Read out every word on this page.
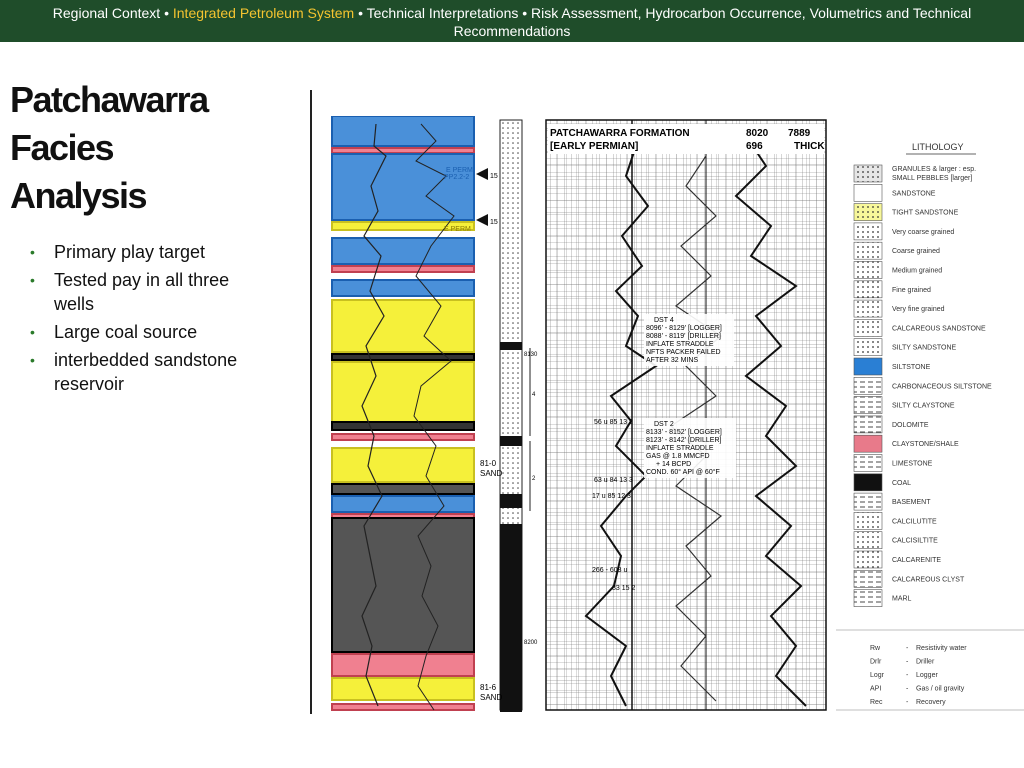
Regional Context • Integrated Petroleum System • Technical Interpretations • Risk Assessment, Hydrocarbon Occurrence, Volumetrics and Technical Recommendations
Patchawarra
Facies
Analysis
• Primary play target
• Tested pay in all three wells
• Large coal source
• interbedded sandstone reservoir
15
15
E PERM
PP2.2-2
E PERM
8130
8200
4
2
81-0
SAND
81-6
SAND
PATCHAWARRA FORMATION
[EARLY PERMIAN]
8020 7889
696	THICK
DST 4
8096' - 8129' [LOGGER]
8088' - 8119' [DRILLER]
INFLATE STRADDLE
NFTS PACKER FAILED
AFTER 32 MINS
DST 2
8133' - 8152' [LOGGER]
8123' - 8142' [DRILLER]
INFLATE STRADDLE
GAS @ 1.8 MMCFD
+ 14 BCPD
COND. 60° API @ 60°F
56 u 85 13 2
63 u 84 13 3
17 u 85 12 3
266 - 608 u
83 15 2
LITHOLOGY
GRANULES & larger : esp.
SMALL PEBBLES [larger]
SANDSTONE
TIGHT SANDSTONE
Very coarse grained
Coarse grained
Medium grained
Fine grained
Very fine grained
CALCAREOUS SANDSTONE
SILTY SANDSTONE
SILTSTONE
CARBONACEOUS SILTSTONE
SILTY CLAYSTONE
DOLOMITE
CLAYSTONE/SHALE
LIMESTONE
COAL
BASEMENT
CALCILUTITE
CALCISILTITE
CALCARENITE
CALCAREOUS CLYST
MARL
Rw	- Resistivity water
Drlr	- Driller
Logr	- Logger
API	- Gas / oil gravity
Rec	- Recovery
